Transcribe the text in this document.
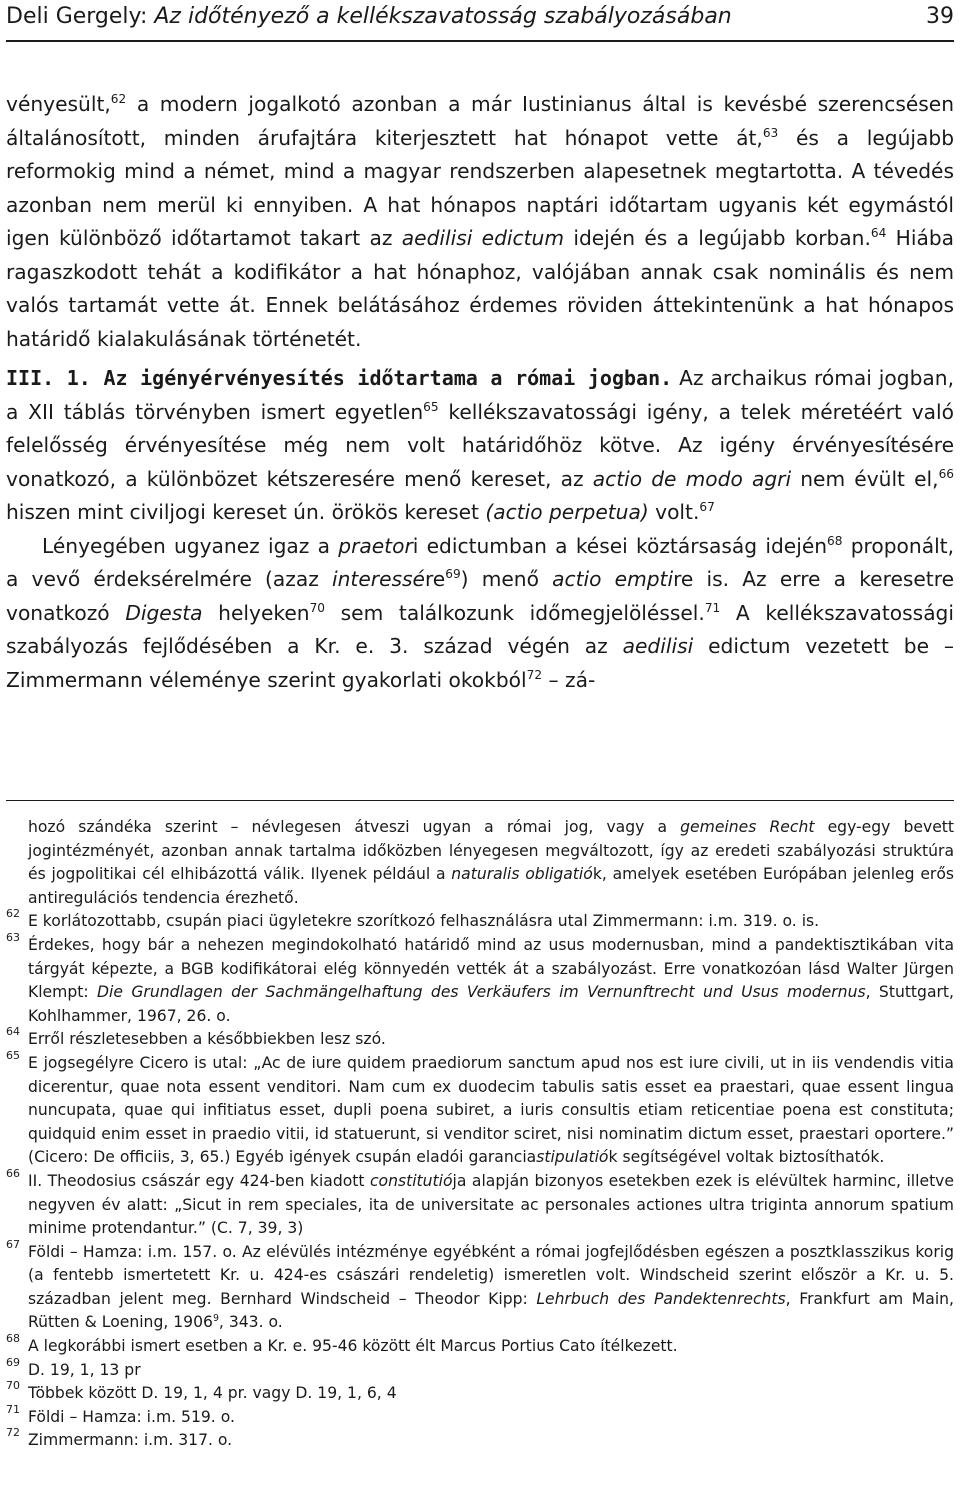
Deli Gergely: Az időtényező a kellékszavatosság szabályozásában	39

vényesült,$^{62}$ a modern jogalkotó azonban a már Iustinianus által is kevésbé szerencsésen általánosított, minden árufajtára kiterjesztett hat hónapot vette át,$^{63}$ és a legújabb reformokig mind a német, mind a magyar rendszerben alapesetnek megtartotta. A tévedés azonban nem merül ki ennyiben. A hat hónapos naptári időtartam ugyanis két egymástól igen különböző időtartamot takart az aedilisi edictum idején és a legújabb korban.$^{64}$ Hiába ragaszkodott tehát a kodifikátor a hat hónaphoz, valójában annak csak nominális és nem valós tartamát vette át. Ennek belátásához érdemes röviden áttekintenünk a hat hónapos határidő kialakulásának történetét.

III. 1. Az igényérvényesítés időtartama a római jogban. Az archaikus római jogban, a XII táblás törvényben ismert egyetlen$^{65}$ kellékszavatossági igény, a telek méretéért való felelősség érvényesítése még nem volt határidőhöz kötve. Az igény érvényesítésére vonatkozó, a különbözet kétszeresére menő kereset, az actio de modo agri nem évült el,$^{66}$ hiszen mint civiljogi kereset ún. örökös kereset (actio perpetua) volt.$^{67}$

Lényegében ugyanez igaz a praetori edictumban a kései köztársaság idején$^{68}$ proponált, a vevő érdeksérelmére (azaz interessére$^{69}$) menő actio emptire is. Az erre a keresetre vonatkozó Digesta helyeken$^{70}$ sem találkozunk időmegjelöléssel.$^{71}$ A kellékszavatossági szabályozás fejlődésében a Kr. e. 3. század végén az aedilisi edictum vezetett be – Zimmermann véleménye szerint gyakorlati okokból$^{72}$ – zá-

hozó szándéka szerint – névlegesen átveszi ugyan a római jog, vagy a gemeines Recht egy-egy bevett jogintézményét, azonban annak tartalma időközben lényegesen megváltozott, így az eredeti szabályozási struktúra és jogpolitikai cél elhibázottá válik. Ilyenek például a naturalis obligatiók, amelyek esetében Európában jelenleg erős antiregulációs tendencia érezhető.

62 E korlátozottabb, csupán piaci ügyletekre szorítkozó felhasználásra utal Zimmermann: i.m. 319. o. is.

63 Érdekes, hogy bár a nehezen megindokolható határidő mind az usus modernusban, mind a pandektisztikában vita tárgyát képezte, a BGB kodifikátorai elég könnyedén vették át a szabályozást. Erre vonatkozóan lásd Walter Jürgen Klempt: Die Grundlagen der Sachmängelhaftung des Verkäufers im Vernunftrecht und Usus modernus, Stuttgart, Kohlhammer, 1967, 26. o.

64 Erről részletesebben a későbbiekben lesz szó.

65 E jogsegélyre Cicero is utal: „Ac de iure quidem praediorum sanctum apud nos est iure civili, ut in iis vendendis vitia dicerentur, quae nota essent venditori. Nam cum ex duodecim tabulis satis esset ea praestari, quae essent lingua nuncupata, quae qui infitiatus esset, dupli poena subiret, a iuris consultis etiam reticentiae poena est constituta; quidquid enim esset in praedio vitii, id statuerunt, si venditor sciret, nisi nominatim dictum esset, praestari oportere.” (Cicero: De officiis, 3, 65.) Egyéb igények csupán eladói garanciastipulatiók segítségével voltak biztosíthatók.

66 II. Theodosius császár egy 424-ben kiadott constitutiója alapján bizonyos esetekben ezek is elévültek harminc, illetve negyven év alatt: „Sicut in rem speciales, ita de universitate ac personales actiones ultra triginta annorum spatium minime protendantur.” (C. 7, 39, 3)

67 Földi – Hamza: i.m. 157. o. Az elévülés intézménye egyébként a római jogfejlődésben egészen a posztklasszikus korig (a fentebb ismertetett Kr. u. 424-es császári rendeletig) ismeretlen volt. Windscheid szerint először a Kr. u. 5. században jelent meg. Bernhard Windscheid – Theodor Kipp: Lehrbuch des Pandektenrechts, Frankfurt am Main, Rütten & Loening, 1906$^9$, 343. o.

68 A legkorábbi ismert esetben a Kr. e. 95-46 között élt Marcus Portius Cato ítélkezett.

69 D. 19, 1, 13 pr

70 Többek között D. 19, 1, 4 pr. vagy D. 19, 1, 6, 4

71 Földi – Hamza: i.m. 519. o.

72 Zimmermann: i.m. 317. o.
